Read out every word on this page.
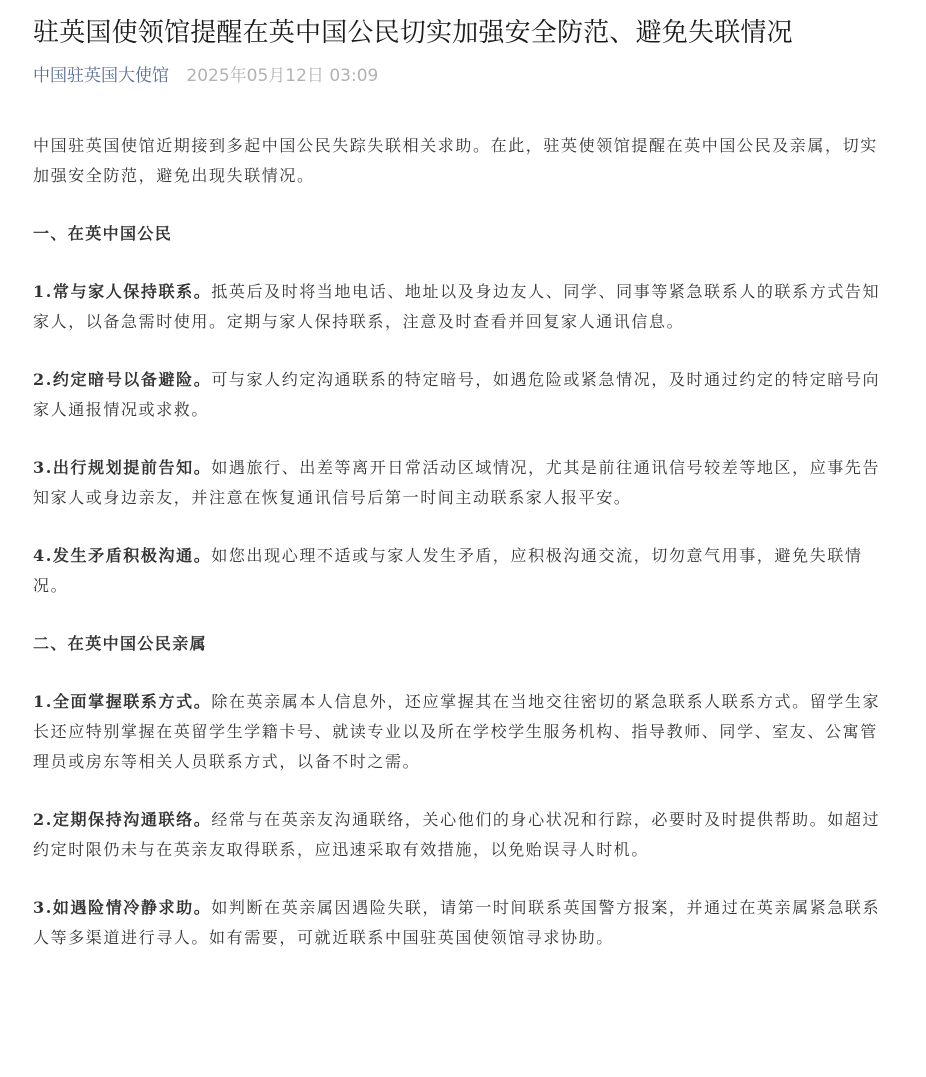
驻英国使领馆提醒在英中国公民切实加强安全防范、避免失联情况
中国驻英国大使馆 2025年05月12日 03:09

中国驻英国使馆近期接到多起中国公民失踪失联相关求助。在此，驻英使领馆提醒在英中国公民及亲属，切实加强安全防范，避免出现失联情况。

一、在英中国公民

1.常与家人保持联系。抵英后及时将当地电话、地址以及身边友人、同学、同事等紧急联系人的联系方式告知家人，以备急需时使用。定期与家人保持联系，注意及时查看并回复家人通讯信息。

2.约定暗号以备避险。可与家人约定沟通联系的特定暗号，如遇危险或紧急情况，及时通过约定的特定暗号向家人通报情况或求救。

3.出行规划提前告知。如遇旅行、出差等离开日常活动区域情况，尤其是前往通讯信号较差等地区，应事先告知家人或身边亲友，并注意在恢复通讯信号后第一时间主动联系家人报平安。

4.发生矛盾积极沟通。如您出现心理不适或与家人发生矛盾，应积极沟通交流，切勿意气用事，避免失联情况。

二、在英中国公民亲属

1.全面掌握联系方式。除在英亲属本人信息外，还应掌握其在当地交往密切的紧急联系人联系方式。留学生家长还应特别掌握在英留学生学籍卡号、就读专业以及所在学校学生服务机构、指导教师、同学、室友、公寓管理员或房东等相关人员联系方式，以备不时之需。

2.定期保持沟通联络。经常与在英亲友沟通联络，关心他们的身心状况和行踪，必要时及时提供帮助。如超过约定时限仍未与在英亲友取得联系，应迅速采取有效措施，以免贻误寻人时机。

3.如遇险情冷静求助。如判断在英亲属因遇险失联，请第一时间联系英国警方报案，并通过在英亲属紧急联系人等多渠道进行寻人。如有需要，可就近联系中国驻英国使领馆寻求协助。
